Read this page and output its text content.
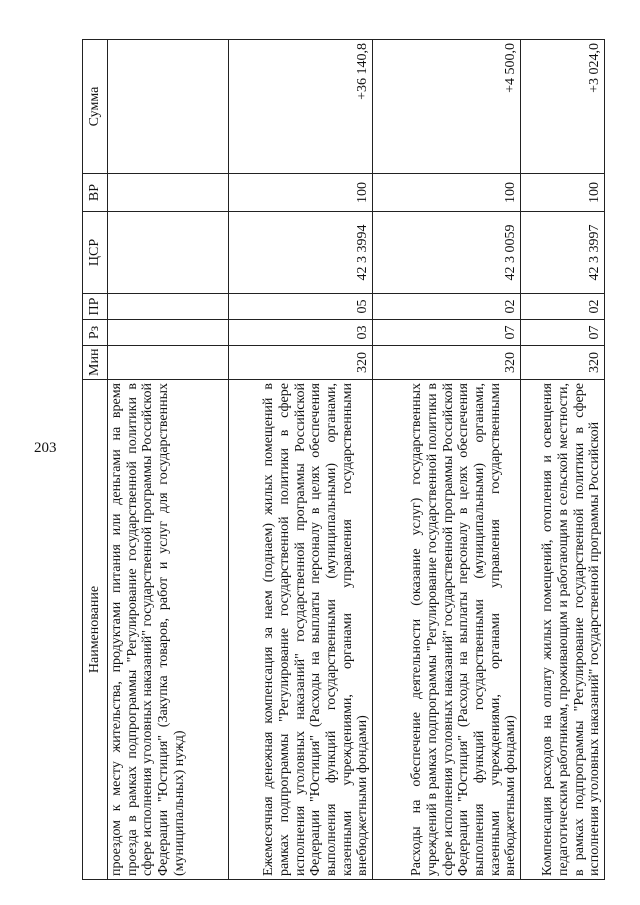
203
Наименование	Мин	Рз	ПР	ЦСР	ВР	Сумма
проездом к месту жительства, продуктами питания или деньгами на время проезда в рамках подпрограммы "Регулирование государственной политики в сфере исполнения уголовных наказаний" государственной программы Российской Федерации "Юстиция" (Закупка товаров, работ и услуг для государственных (муниципальных) нужд)						
Ежемесячная денежная компенсация за наем (поднаем) жилых помещений в рамках подпрограммы "Регулирование государственной политики в сфере исполнения уголовных наказаний" государственной программы Российской Федерации "Юстиция" (Расходы на выплаты персоналу в целях обеспечения выполнения функций государственными (муниципальными) органами, казенными учреждениями, органами управления государственными внебюджетными фондами)	320	03	05	42 3 3994	100	+36 140,8
Расходы на обеспечение деятельности (оказание услуг) государственных учреждений в рамках подпрограммы "Регулирование государственной политики в сфере исполнения уголовных наказаний" государственной программы Российской Федерации "Юстиция" (Расходы на выплаты персоналу в целях обеспечения выполнения функций государственными (муниципальными) органами, казенными учреждениями, органами управления государственными внебюджетными фондами)	320	07	02	42 3 0059	100	+4 500,0
Компенсация расходов на оплату жилых помещений, отопления и освещения педагогическим работникам, проживающим и работающим в сельской местности, в рамках подпрограммы "Регулирование государственной политики в сфере исполнения уголовных наказаний" государственной программы Российской	320	07	02	42 3 3997	100	+3 024,0
